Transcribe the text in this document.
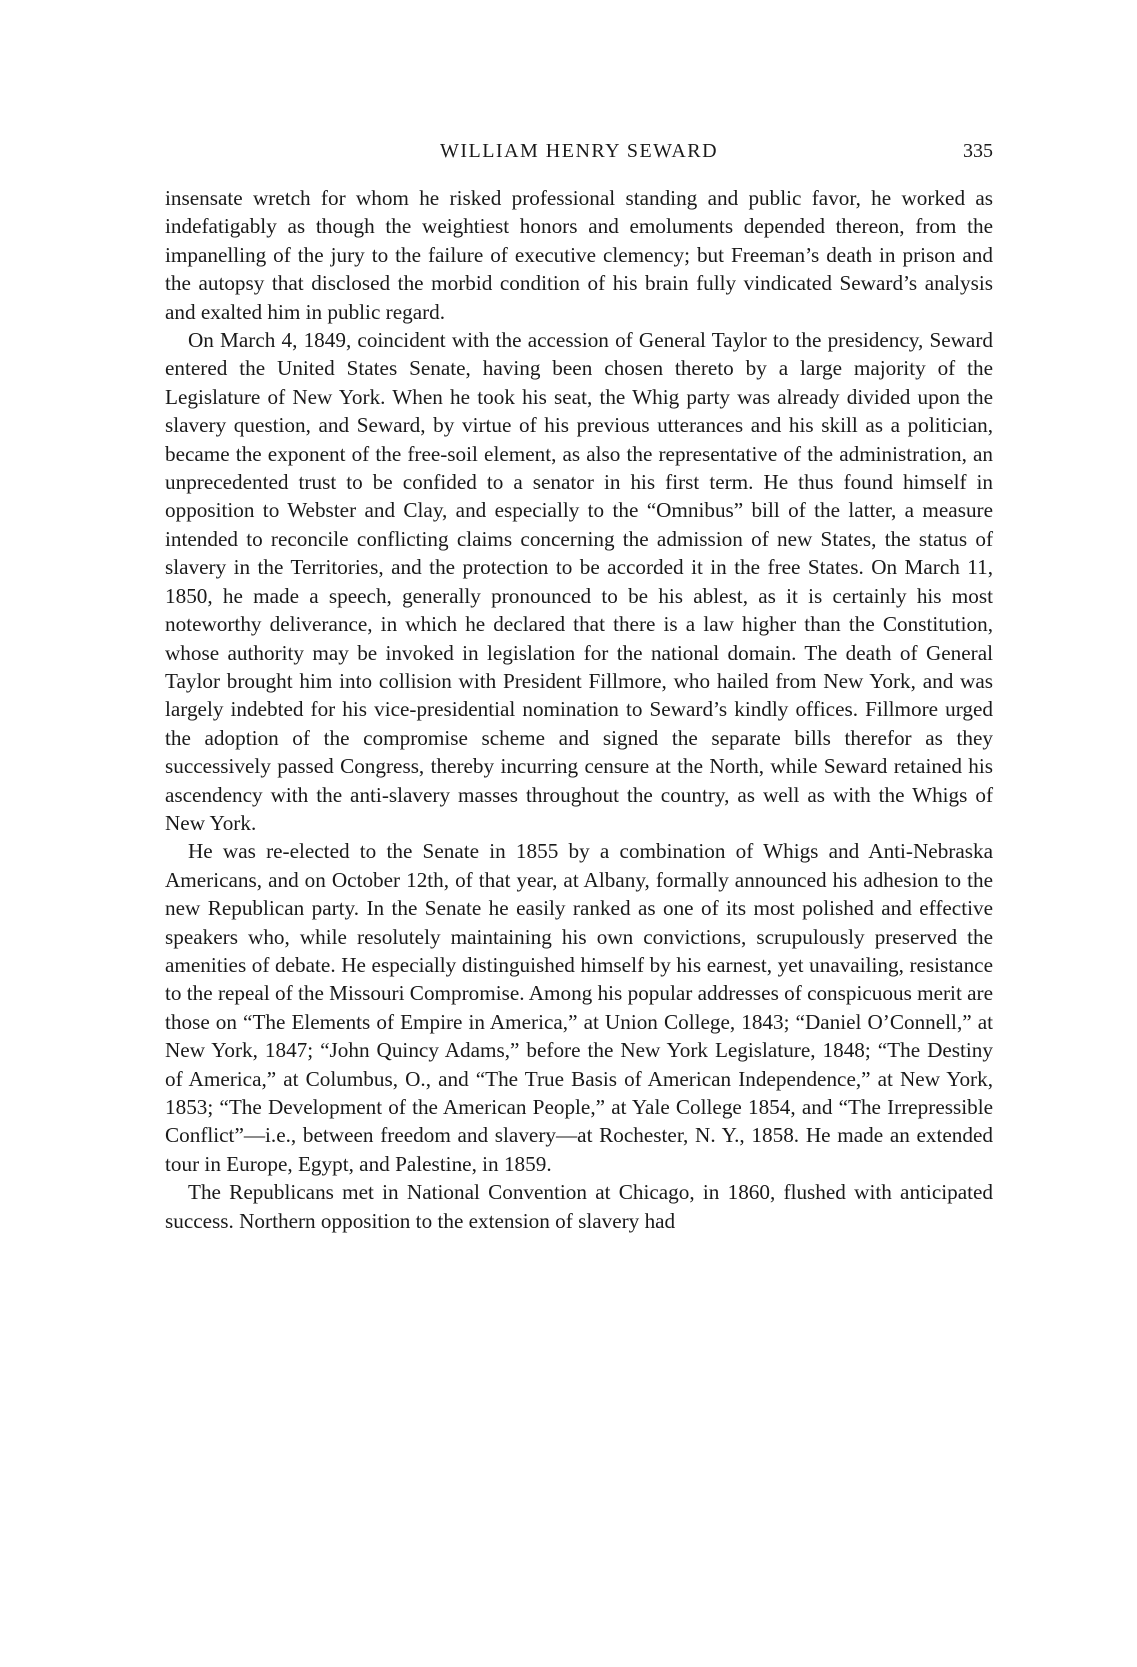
WILLIAM HENRY SEWARD	335

insensate wretch for whom he risked professional standing and public favor, he worked as indefatigably as though the weightiest honors and emoluments depended thereon, from the impanelling of the jury to the failure of executive clemency; but Freeman’s death in prison and the autopsy that disclosed the morbid condition of his brain fully vindicated Seward’s analysis and exalted him in public regard.

On March 4, 1849, coincident with the accession of General Taylor to the presidency, Seward entered the United States Senate, having been chosen thereto by a large majority of the Legislature of New York. When he took his seat, the Whig party was already divided upon the slavery question, and Seward, by virtue of his previous utterances and his skill as a politician, became the exponent of the free-soil element, as also the representative of the administration, an unprecedented trust to be confided to a senator in his first term. He thus found himself in opposition to Webster and Clay, and especially to the “Omnibus” bill of the latter, a measure intended to reconcile conflicting claims concerning the admission of new States, the status of slavery in the Territories, and the protection to be accorded it in the free States. On March 11, 1850, he made a speech, generally pronounced to be his ablest, as it is certainly his most noteworthy deliverance, in which he declared that there is a law higher than the Constitution, whose authority may be invoked in legislation for the national domain. The death of General Taylor brought him into collision with President Fillmore, who hailed from New York, and was largely indebted for his vice-presidential nomination to Seward’s kindly offices. Fillmore urged the adoption of the compromise scheme and signed the separate bills therefor as they successively passed Congress, thereby incurring censure at the North, while Seward retained his ascendency with the anti-slavery masses throughout the country, as well as with the Whigs of New York.

He was re-elected to the Senate in 1855 by a combination of Whigs and Anti-Nebraska Americans, and on October 12th, of that year, at Albany, formally announced his adhesion to the new Republican party. In the Senate he easily ranked as one of its most polished and effective speakers who, while resolutely maintaining his own convictions, scrupulously preserved the amenities of debate. He especially distinguished himself by his earnest, yet unavailing, resistance to the repeal of the Missouri Compromise. Among his popular addresses of conspicuous merit are those on “The Elements of Empire in America,” at Union College, 1843; “Daniel O’Connell,” at New York, 1847; “John Quincy Adams,” before the New York Legislature, 1848; “The Destiny of America,” at Columbus, O., and “The True Basis of American Independence,” at New York, 1853; “The Development of the American People,” at Yale College 1854, and “The Irrepressible Conflict”—i.e., between freedom and slavery—at Rochester, N. Y., 1858. He made an extended tour in Europe, Egypt, and Palestine, in 1859.

The Republicans met in National Convention at Chicago, in 1860, flushed with anticipated success. Northern opposition to the extension of slavery had
